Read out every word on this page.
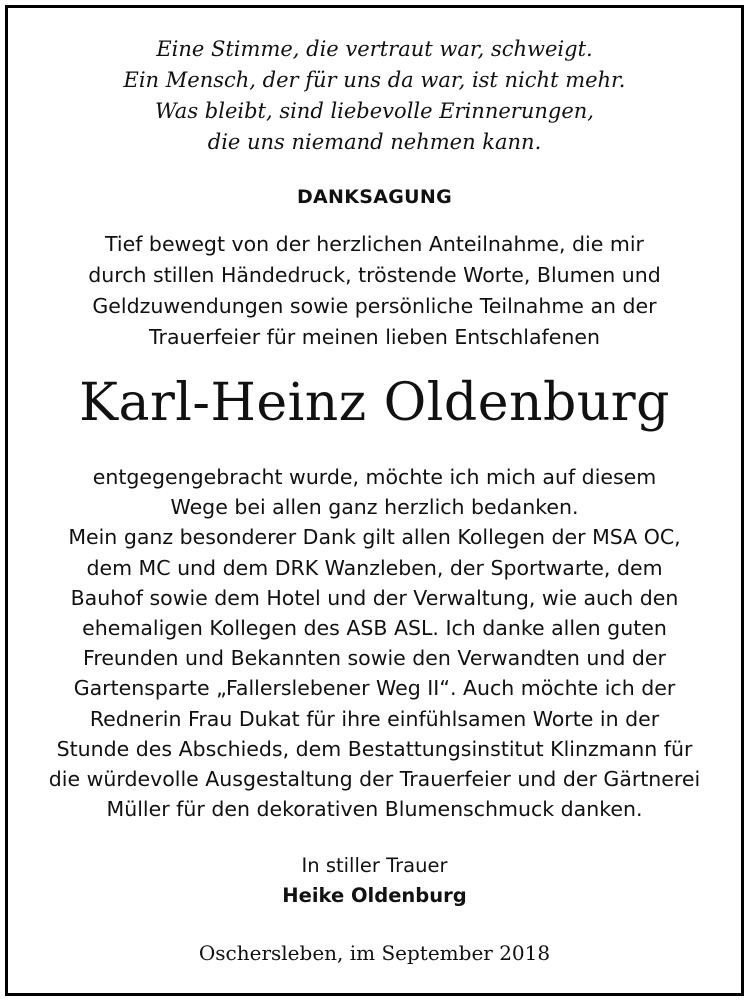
Eine Stimme, die vertraut war, schweigt.
Ein Mensch, der für uns da war, ist nicht mehr.
Was bleibt, sind liebevolle Erinnerungen,
die uns niemand nehmen kann.
DANKSAGUNG
Tief bewegt von der herzlichen Anteilnahme, die mir
durch stillen Händedruck, tröstende Worte, Blumen und
Geldzuwendungen sowie persönliche Teilnahme an der
Trauerfeier für meinen lieben Entschlafenen
Karl-Heinz Oldenburg
entgegengebracht wurde, möchte ich mich auf diesem
Wege bei allen ganz herzlich bedanken.
Mein ganz besonderer Dank gilt allen Kollegen der MSA OC,
dem MC und dem DRK Wanzleben, der Sportwarte, dem
Bauhof sowie dem Hotel und der Verwaltung, wie auch den
ehemaligen Kollegen des ASB ASL. Ich danke allen guten
Freunden und Bekannten sowie den Verwandten und der
Gartensparte „Fallerslebener Weg II“. Auch möchte ich der
Rednerin Frau Dukat für ihre einfühlsamen Worte in der
Stunde des Abschieds, dem Bestattungsinstitut Klinzmann für
die würdevolle Ausgestaltung der Trauerfeier und der Gärtnerei
Müller für den dekorativen Blumenschmuck danken.
In stiller Trauer
Heike Oldenburg
Oschersleben, im September 2018
